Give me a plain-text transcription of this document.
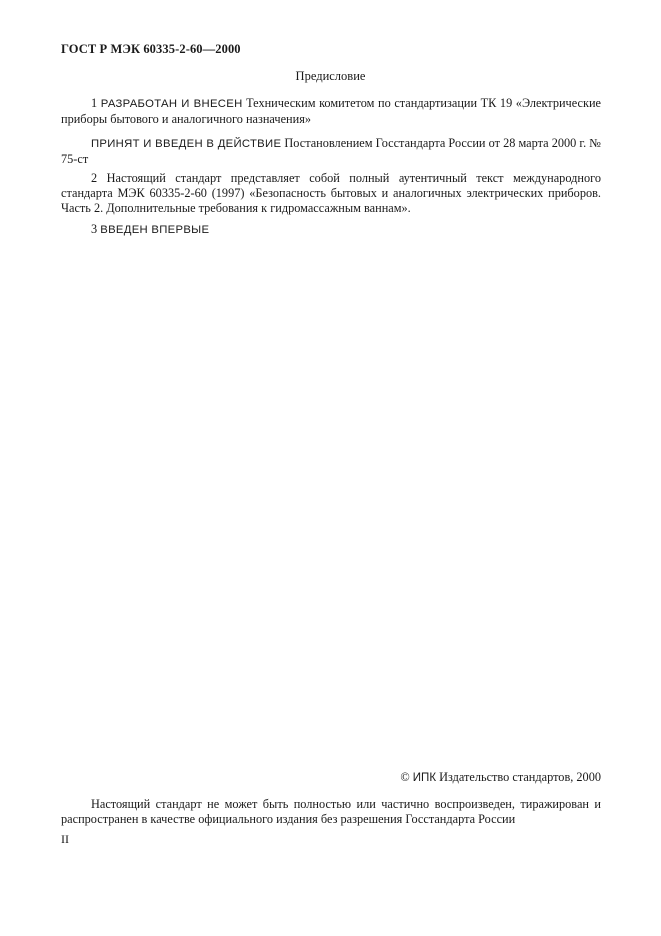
ГОСТ Р МЭК 60335-2-60—2000
Предисловие
1 РАЗРАБОТАН И ВНЕСЕН Техническим комитетом по стандартизации ТК 19 «Электрические приборы бытового и аналогичного назначения»
ПРИНЯТ И ВВЕДЕН В ДЕЙСТВИЕ Постановлением Госстандарта России от 28 марта 2000 г. № 75-ст
2 Настоящий стандарт представляет собой полный аутентичный текст международного стандарта МЭК 60335-2-60 (1997) «Безопасность бытовых и аналогичных электрических приборов. Часть 2. Дополнительные требования к гидромассажным ваннам».
3 ВВЕДЕН ВПЕРВЫЕ
© ИПК Издательство стандартов, 2000
Настоящий стандарт не может быть полностью или частично воспроизведен, тиражирован и распространен в качестве официального издания без разрешения Госстандарта России
II
